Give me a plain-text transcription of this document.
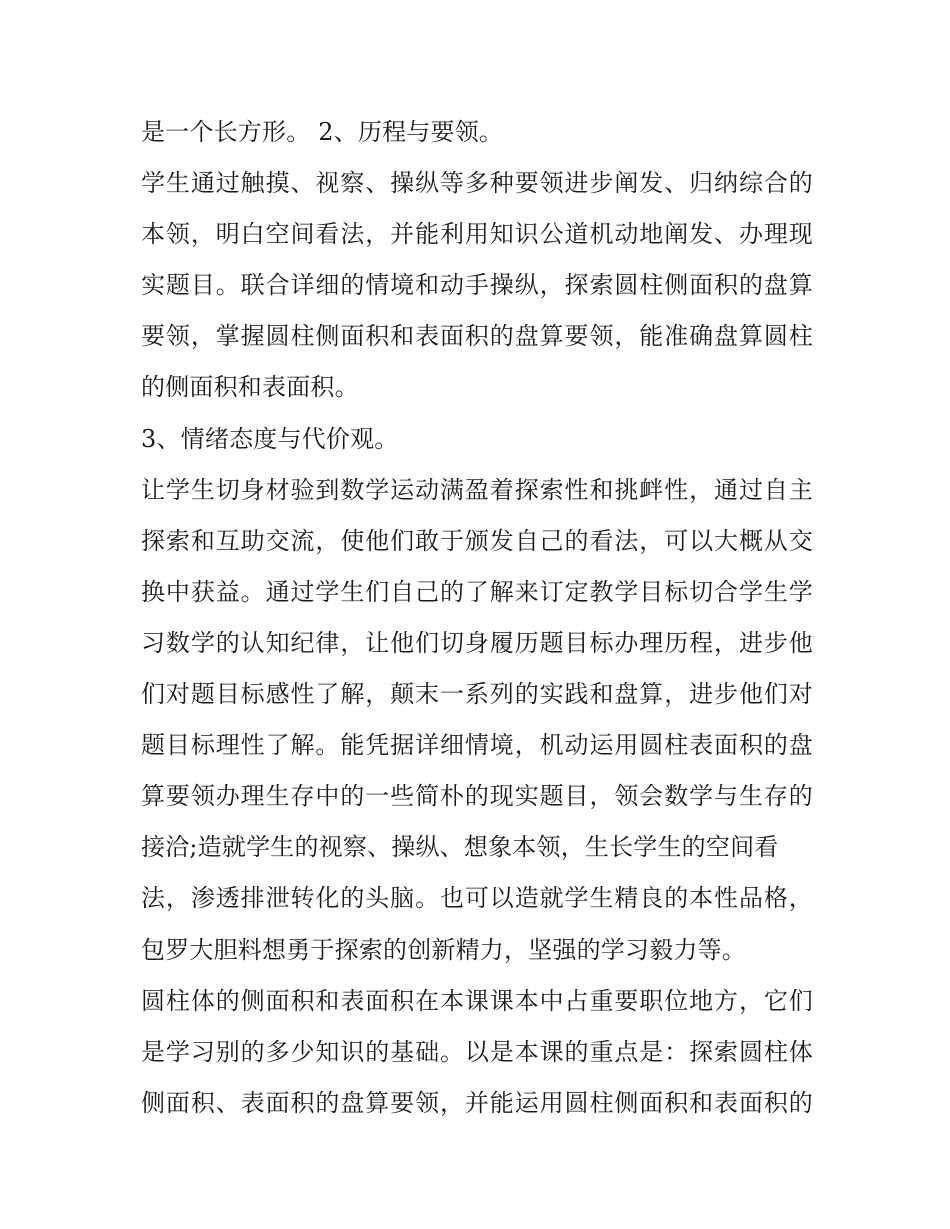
是一个长方形。 2、历程与要领。
学生通过触摸、视察、操纵等多种要领进步阐发、归纳综合的
本领，明白空间看法，并能利用知识公道机动地阐发、办理现
实题目。联合详细的情境和动手操纵，探索圆柱侧面积的盘算
要领，掌握圆柱侧面积和表面积的盘算要领，能准确盘算圆柱
的侧面积和表面积。
3、情绪态度与代价观。
让学生切身材验到数学运动满盈着探索性和挑衅性，通过自主
探索和互助交流，使他们敢于颁发自己的看法，可以大概从交
换中获益。通过学生们自己的了解来订定教学目标切合学生学
习数学的认知纪律，让他们切身履历题目标办理历程，进步他
们对题目标感性了解，颠末一系列的实践和盘算，进步他们对
题目标理性了解。能凭据详细情境，机动运用圆柱表面积的盘
算要领办理生存中的一些简朴的现实题目，领会数学与生存的
接洽;造就学生的视察、操纵、想象本领，生长学生的空间看
法，渗透排泄转化的头脑。也可以造就学生精良的本性品格，
包罗大胆料想勇于探索的创新精力，坚强的学习毅力等。
圆柱体的侧面积和表面积在本课课本中占重要职位地方，它们
是学习别的多少知识的基础。以是本课的重点是：探索圆柱体
侧面积、表面积的盘算要领，并能运用圆柱侧面积和表面积的
